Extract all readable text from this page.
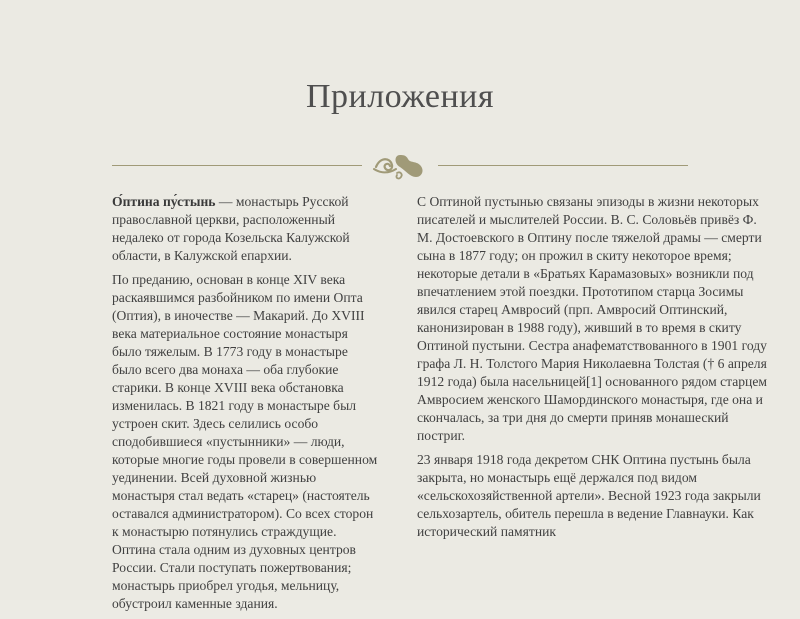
Приложения

О́птина пу́стынь — монастырь Русской православной церкви, расположенный недалеко от города Козельска Калужской области, в Калужской епархии.

По преданию, основан в конце XIV века раскаявшимся разбойником по имени Опта (Оптия), в иночестве — Макарий. До XVIII века материальное состояние монастыря было тяжелым. В 1773 году в монастыре было всего два монаха — оба глубокие старики. В конце XVIII века обстановка изменилась. В 1821 году в монастыре был устроен скит. Здесь селились особо сподобившиеся «пустынники» — люди, которые многие годы провели в совершенном уединении. Всей духовной жизнью монастыря стал ведать «старец» (настоятель оставался администратором). Со всех сторон к монастырю потянулись страждущие. Оптина стала одним из духовных центров России. Стали поступать пожертвования; монастырь приобрел угодья, мельницу, обустроил каменные здания.

С Оптиной пустынью связаны эпизоды в жизни некоторых писателей и мыслителей России. В. С. Соловьёв привёз Ф. М. Достоевского в Оптину после тяжелой драмы — смерти сына в 1877 году; он прожил в скиту некоторое время; некоторые детали в «Братьях Карамазовых» возникли под впечатлением этой поездки. Прототипом старца Зосимы явился старец Амвросий (прп. Амвросий Оптинский, канонизирован в 1988 году), живший в то время в скиту Оптиной пустыни. Сестра анафематствованного в 1901 году графа Л. Н. Толстого Мария Николаевна Толстая († 6 апреля 1912 года) была насельницей[1] основанного рядом старцем Амвросием женского Шамординского монастыря, где она и скончалась, за три дня до смерти приняв монашеский постриг.

23 января 1918 года декретом СНК Оптина пустынь была закрыта, но монастырь ещё держался под видом «сельскохозяйственной артели». Весной 1923 года закрыли сельхозартель, обитель перешла в ведение Главнауки. Как исторический памятник
